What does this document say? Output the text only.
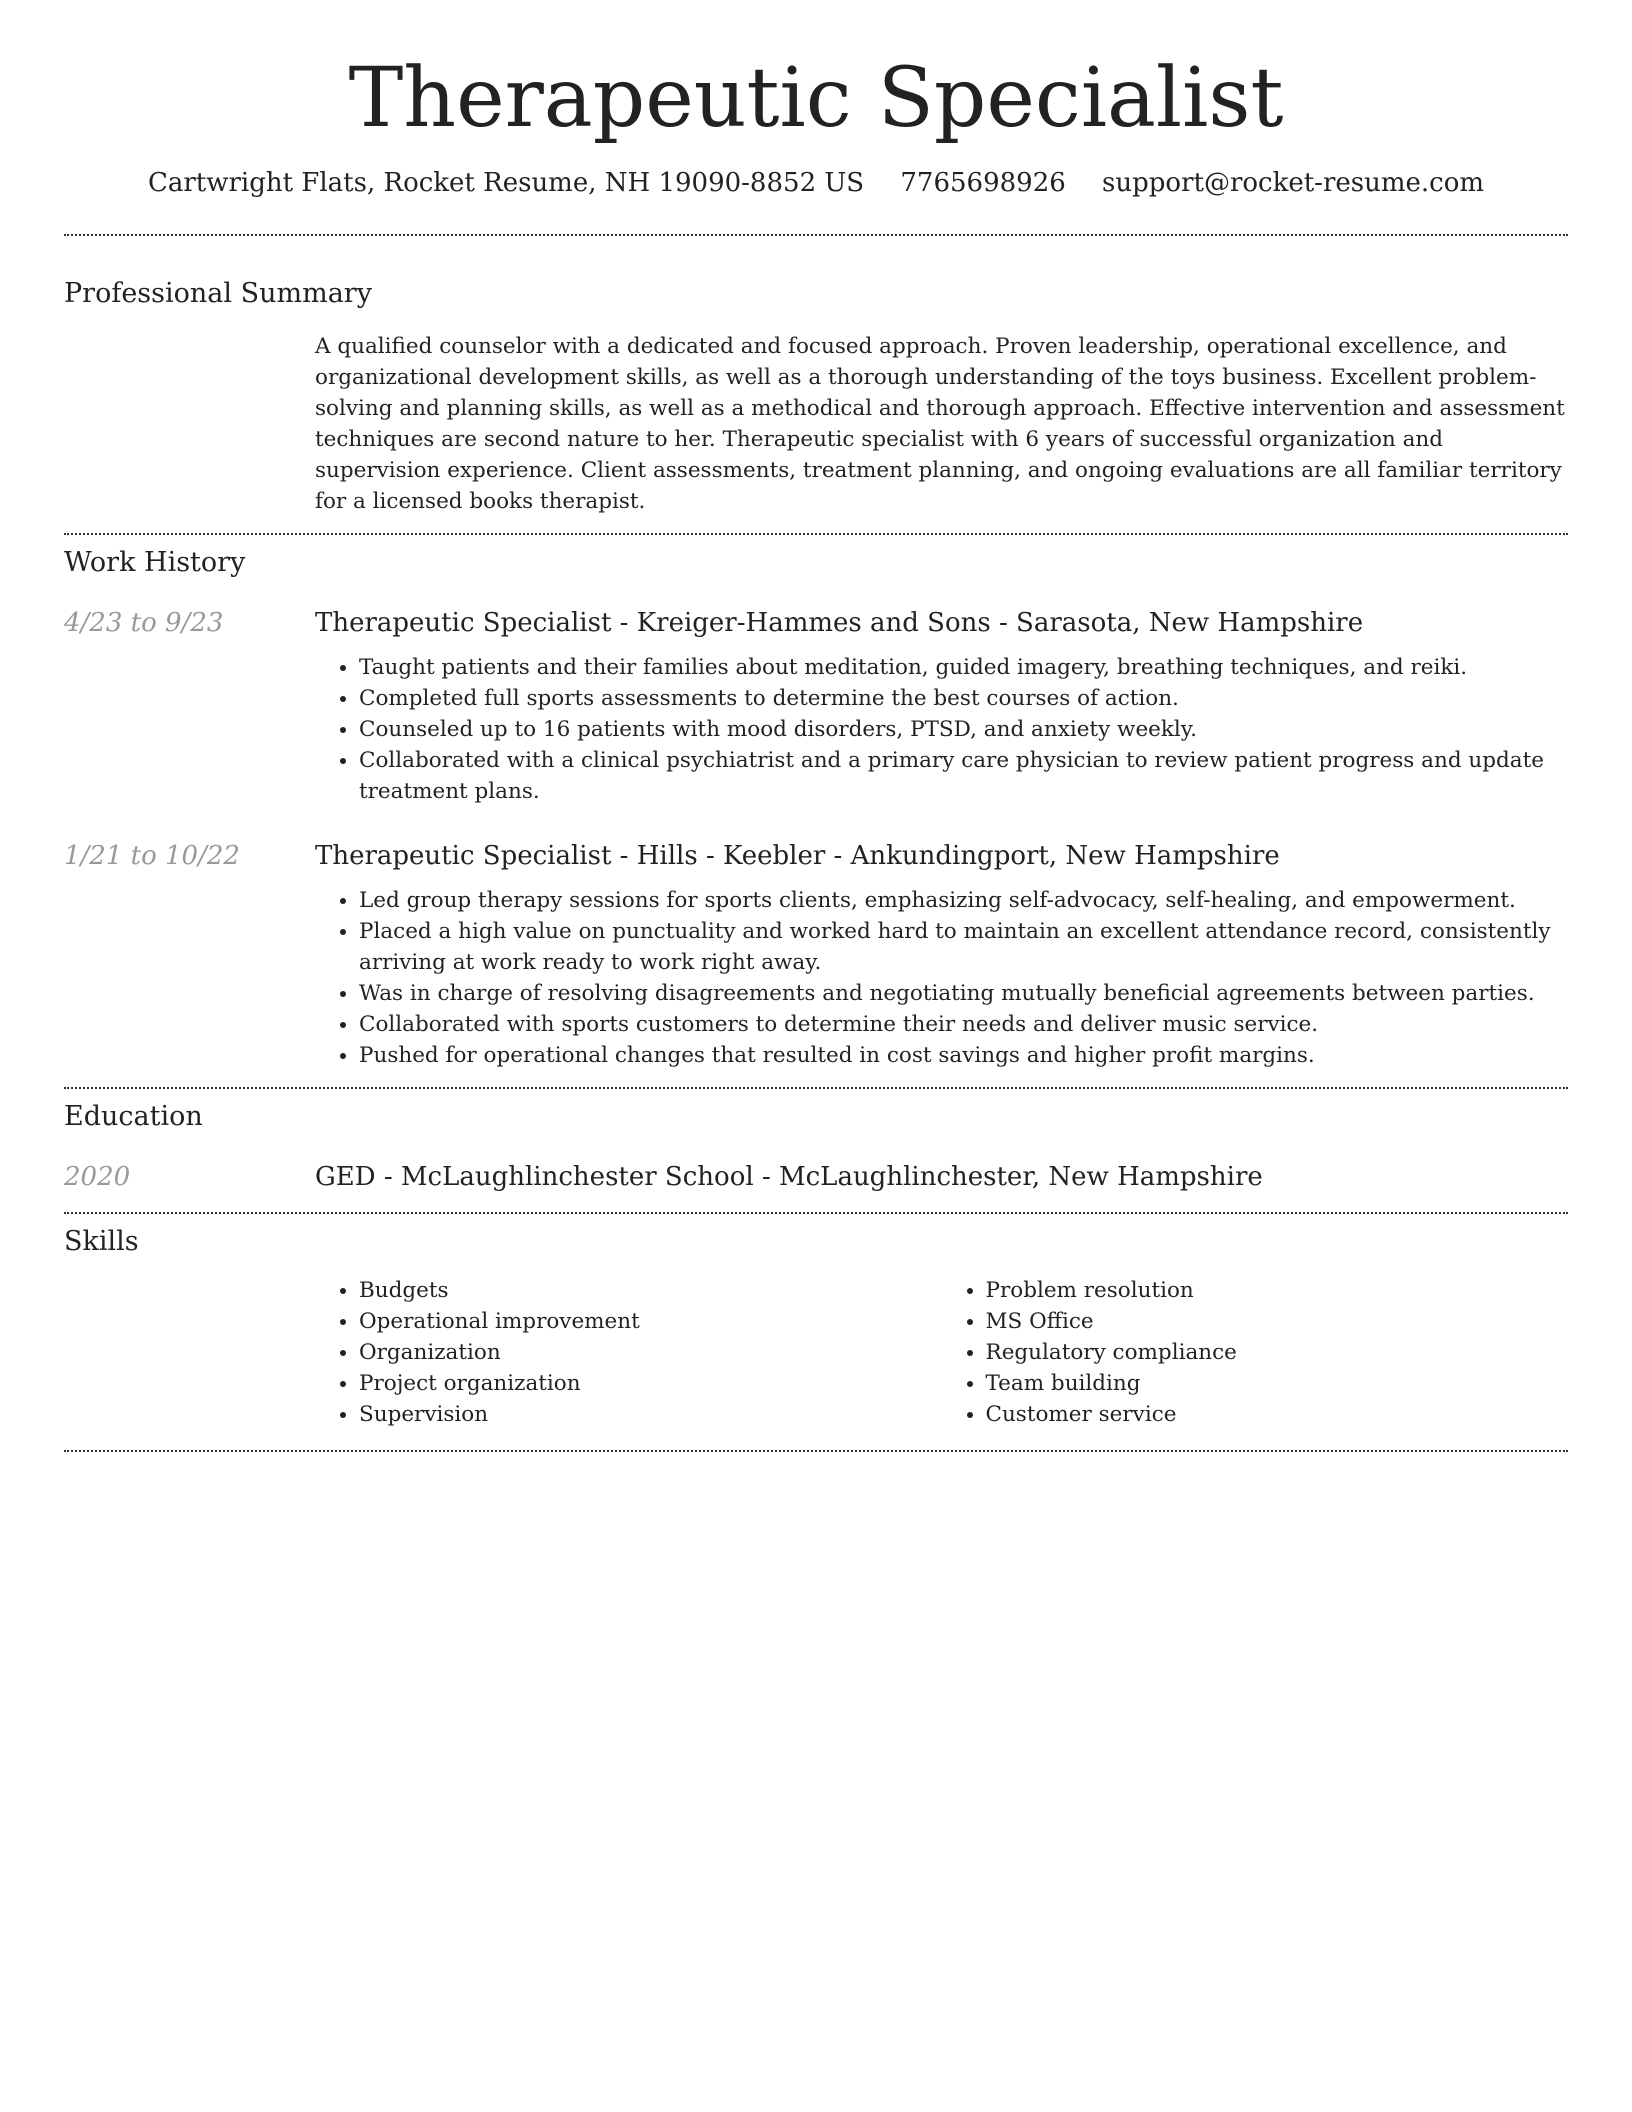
Therapeutic Specialist
Cartwright Flats, Rocket Resume, NH 19090-8852 US 7765698926 support@rocket-resume.com
Professional Summary

A qualified counselor with a dedicated and focused approach. Proven leadership, operational excellence, and organizational development skills, as well as a thorough understanding of the toys business. Excellent problem-solving and planning skills, as well as a methodical and thorough approach. Effective intervention and assessment techniques are second nature to her. Therapeutic specialist with 6 years of successful organization and supervision experience. Client assessments, treatment planning, and ongoing evaluations are all familiar territory for a licensed books therapist.

Work History
4/23 to 9/23	Therapeutic Specialist - Kreiger-Hammes and Sons - Sarasota, New Hampshire
• Taught patients and their families about meditation, guided imagery, breathing techniques, and reiki.
• Completed full sports assessments to determine the best courses of action.
• Counseled up to 16 patients with mood disorders, PTSD, and anxiety weekly.
• Collaborated with a clinical psychiatrist and a primary care physician to review patient progress and update treatment plans.
1/21 to 10/22	Therapeutic Specialist - Hills - Keebler - Ankundingport, New Hampshire
• Led group therapy sessions for sports clients, emphasizing self-advocacy, self-healing, and empowerment.
• Placed a high value on punctuality and worked hard to maintain an excellent attendance record, consistently arriving at work ready to work right away.
• Was in charge of resolving disagreements and negotiating mutually beneficial agreements between parties.
• Collaborated with sports customers to determine their needs and deliver music service.
• Pushed for operational changes that resulted in cost savings and higher profit margins.
Education
2020	GED - McLaughlinchester School - McLaughlinchester, New Hampshire
Skills
• Budgets
• Operational improvement
• Organization
• Project organization
• Supervision
• Problem resolution
• MS Office
• Regulatory compliance
• Team building
• Customer service
